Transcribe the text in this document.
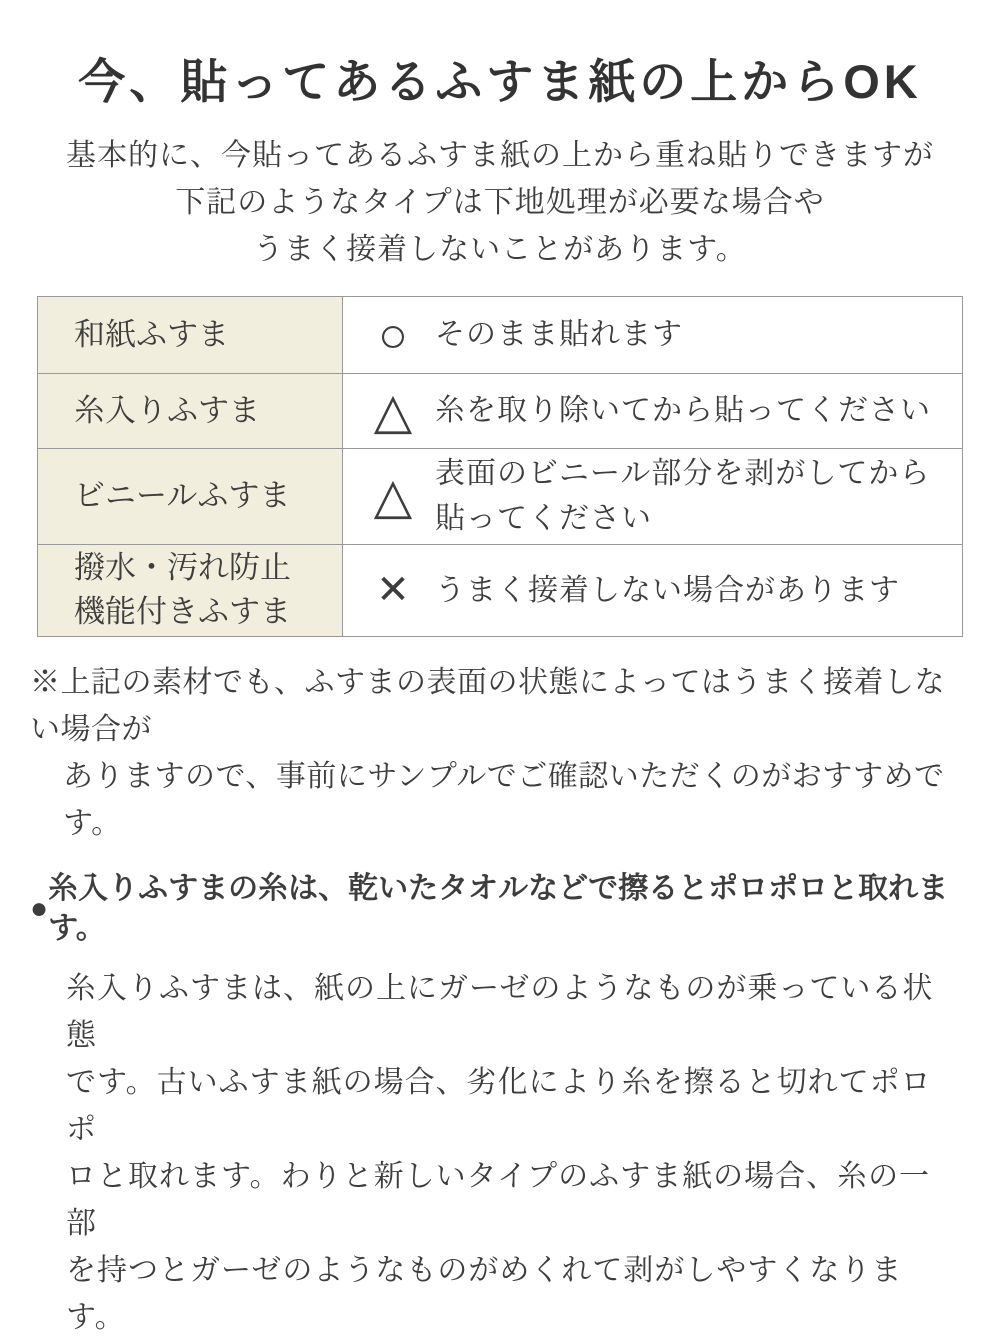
今、貼ってあるふすま紙の上からOK

基本的に、今貼ってあるふすま紙の上から重ね貼りできますが
下記のようなタイプは下地処理が必要な場合や
うまく接着しないことがあります。

和紙ふすま	○ そのまま貼れます

糸入りふすま	△ 糸を取り除いてから貼ってください

ビニールふすま	△ 表面のビニール部分を剥がしてから
貼ってください

撥水・汚れ防止
機能付きふすま	✕ うまく接着しない場合があります

※上記の素材でも、ふすまの表面の状態によってはうまく接着しない場合が
ありますので、事前にサンプルでご確認いただくのがおすすめです。

●
糸入りふすまの糸は、乾いたタオルなどで擦るとポロポロと取れます。

糸入りふすまは、紙の上にガーゼのようなものが乗っている状態
です。古いふすま紙の場合、劣化により糸を擦ると切れてポロポ
ロと取れます。わりと新しいタイプのふすま紙の場合、糸の一部
を持つとガーゼのようなものがめくれて剥がしやすくなります。
